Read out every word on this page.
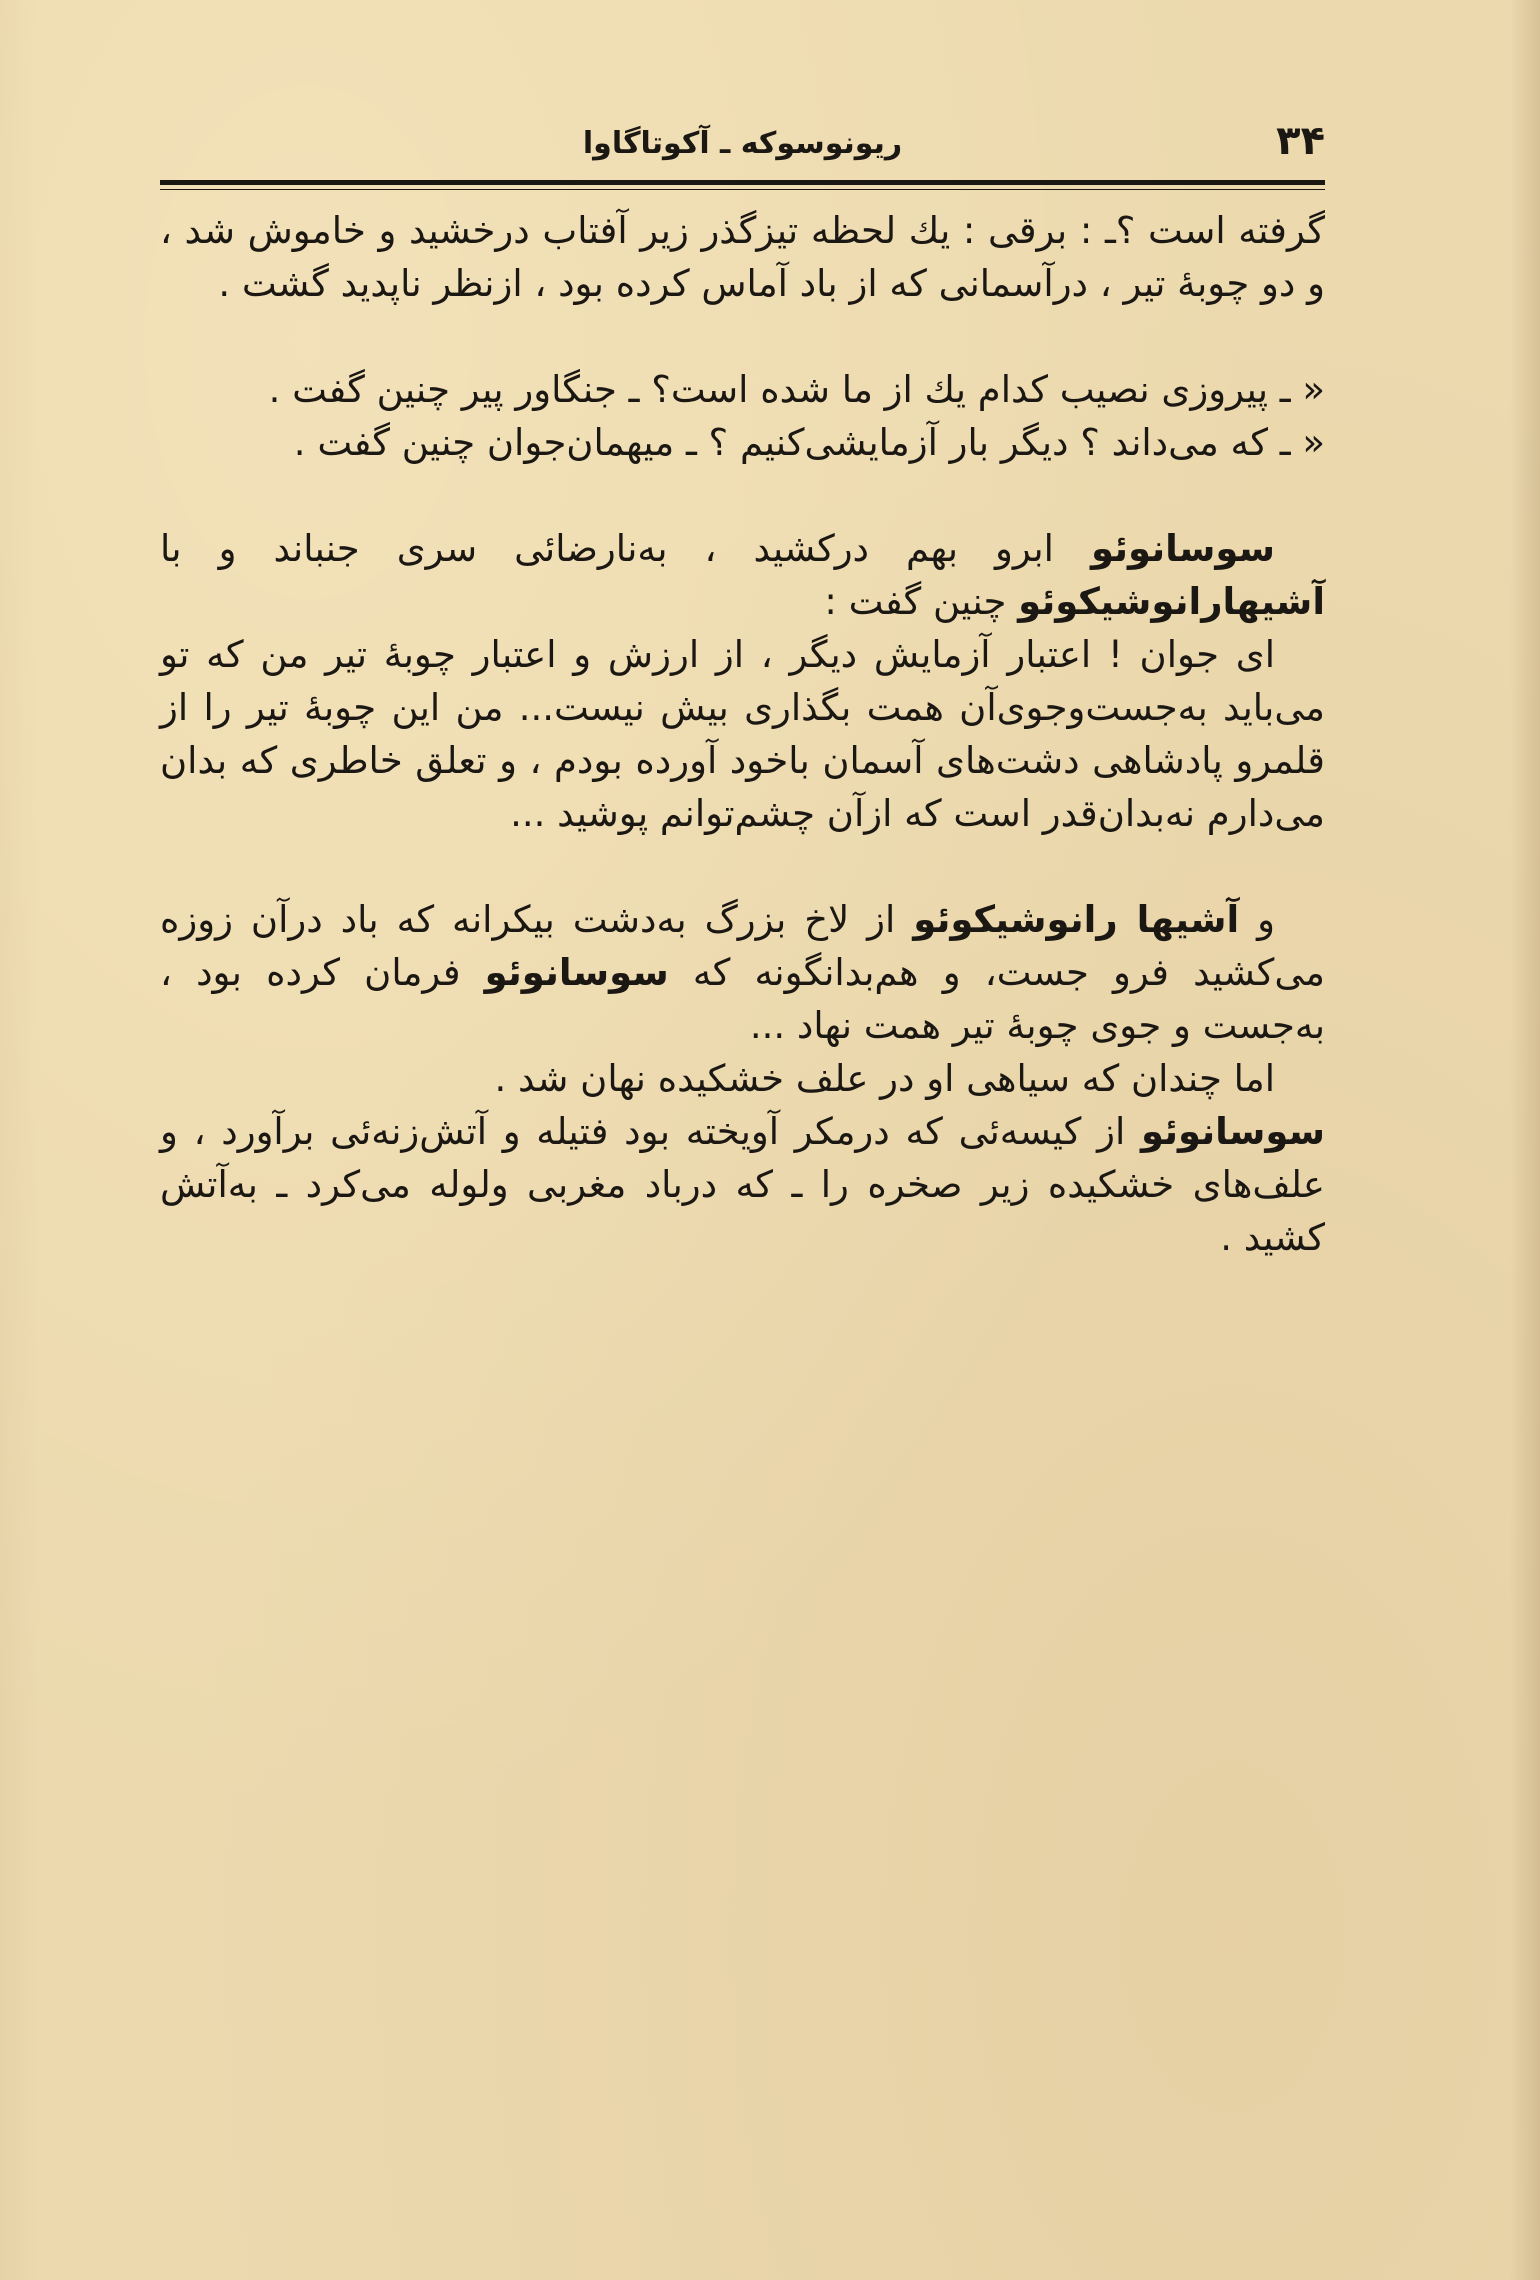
۳۴
ریونوسوکه ـ آکوتاگاوا

گرفته است ؟ـ : برقی : یك لحظه تیزگذر زیر آفتاب درخشید و خاموش شد ، و دو چوبهٔ تیر ، درآسمانی که از باد آماس کرده بود ، ازنظر ناپدید گشت .

« ـ پیروزی نصیب کدام یك از ما شده است؟ ـ جنگاور پیر چنین گفت .

« ـ که می‌داند ؟ دیگر بار آزمایشی‌کنیم ؟ ـ میهمان‌جوان چنین گفت .

سوسانوئو ابرو بهم درکشید ، به‌نارضائی سری جنباند و با آشیهارانوشیکوئو چنین گفت :

ای جوان ! اعتبار آزمایش دیگر ، از ارزش و اعتبار چوبهٔ تیر من که تو می‌باید به‌جست‌وجوی‌آن همت بگذاری بیش نیست... من این چوبهٔ تیر را از قلمرو پادشاهی دشت‌های آسمان باخود آورده بودم ، و تعلق خاطری که بدان می‌دارم نه‌بدان‌قدر است که ازآن چشم‌توانم پوشید ...

و آشیها رانوشیکوئو از لاخ بزرگ به‌دشت بیکرانه که باد درآن زوزه می‌کشید فرو جست، و هم‌بدانگونه که سوسانوئو فرمان کرده بود ، به‌جست و جوی چوبهٔ تیر همت نهاد ...

اما چندان که سیاهی او در علف خشکیده نهان شد .

سوسانوئو از کیسه‌ئی که درمکر آویخته بود فتیله و آتش‌زنه‌ئی برآورد ، و علف‌های خشکیده زیر صخره را ـ که درباد مغربی ولوله می‌کرد ـ به‌آتش کشید .
